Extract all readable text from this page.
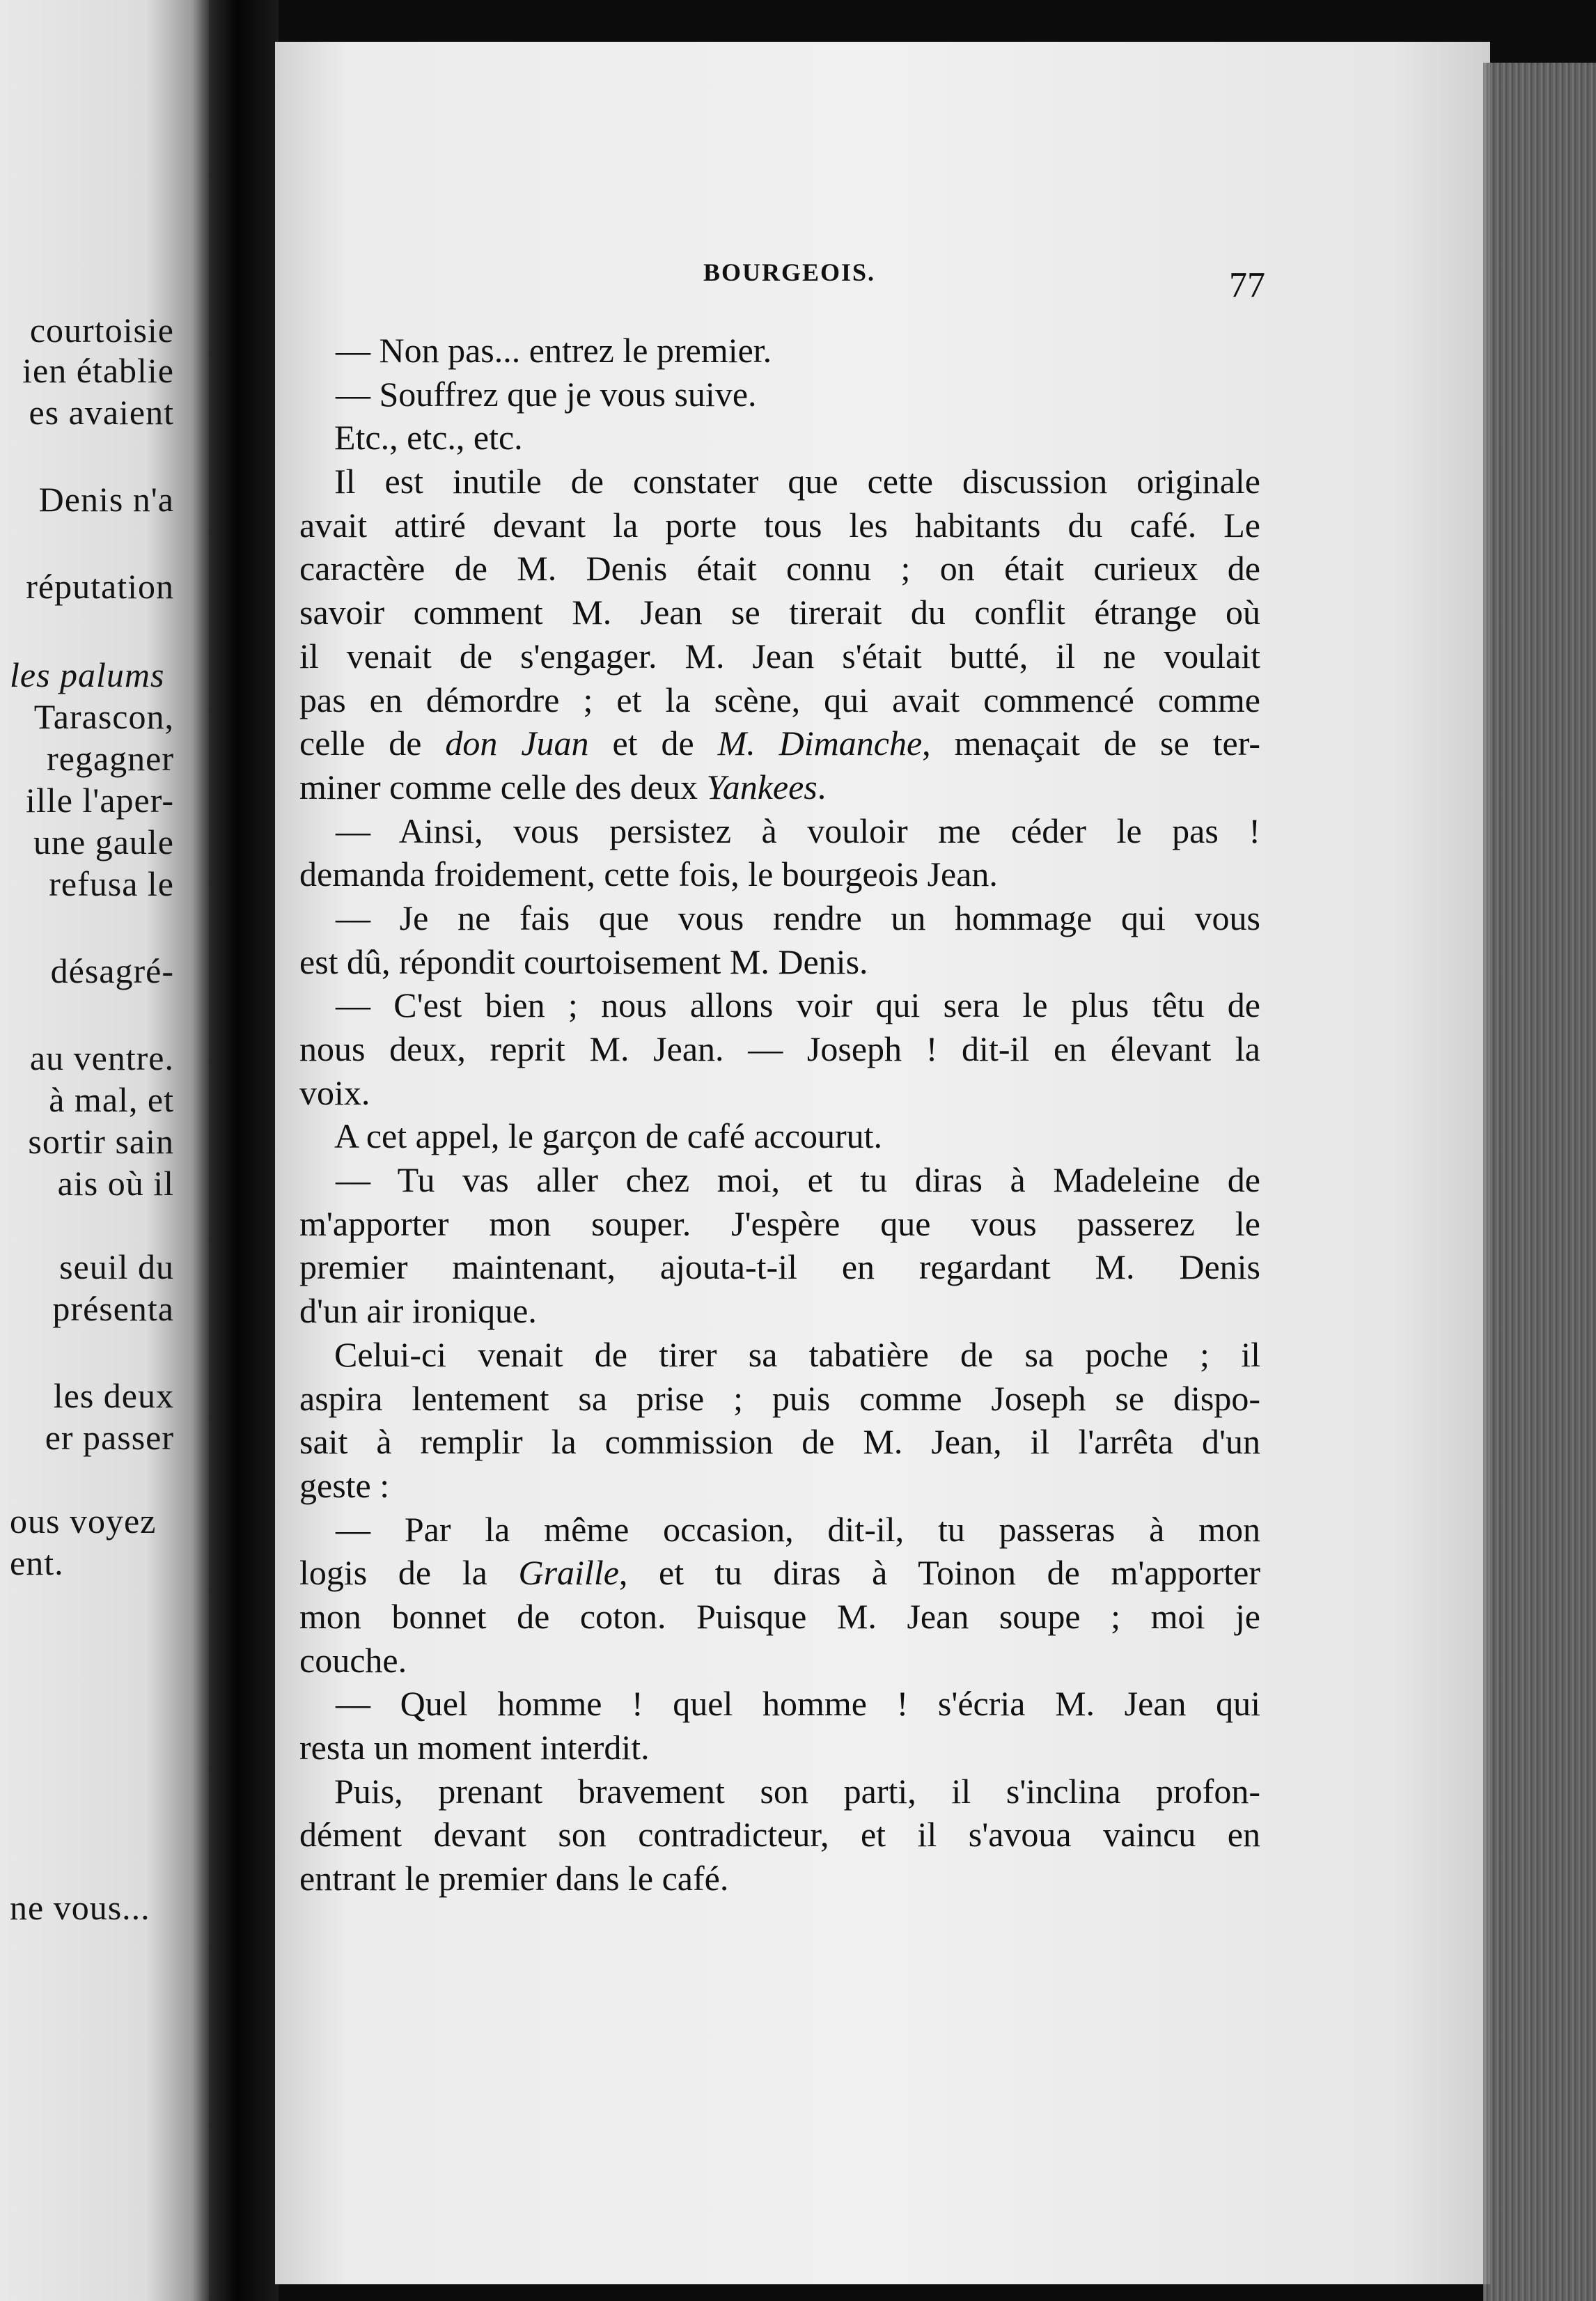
courtoisie
ien établie
es avaient
Denis n'a
réputation
les palums
Tarascon,
regagner
ille l'aper-
une gaule
refusa le
désagré-
au ventre.
à mal, et
sortir sain
ais où il
seuil du
présenta
les deux
er passer
ous voyez
ent.
ne vous...
BOURGEOIS.	77
— Non pas... entrez le premier.
— Souffrez que je vous suive.
Etc., etc., etc.
Il est inutile de constater que cette discussion originale
avait attiré devant la porte tous les habitants du café. Le
caractère de M. Denis était connu ; on était curieux de
savoir comment M. Jean se tirerait du conflit étrange où
il venait de s'engager. M. Jean s'était butté, il ne voulait
pas en démordre ; et la scène, qui avait commencé comme
celle de don Juan et de M. Dimanche, menaçait de se ter-
miner comme celle des deux Yankees.
— Ainsi, vous persistez à vouloir me céder le pas !
demanda froidement, cette fois, le bourgeois Jean.
— Je ne fais que vous rendre un hommage qui vous
est dû, répondit courtoisement M. Denis.
— C'est bien ; nous allons voir qui sera le plus têtu de
nous deux, reprit M. Jean. — Joseph ! dit-il en élevant la
voix.
A cet appel, le garçon de café accourut.
— Tu vas aller chez moi, et tu diras à Madeleine de
m'apporter mon souper. J'espère que vous passerez le
premier maintenant, ajouta-t-il en regardant M. Denis
d'un air ironique.
Celui-ci venait de tirer sa tabatière de sa poche ; il
aspira lentement sa prise ; puis comme Joseph se dispo-
sait à remplir la commission de M. Jean, il l'arrêta d'un
geste :
— Par la même occasion, dit-il, tu passeras à mon
logis de la Graille, et tu diras à Toinon de m'apporter
mon bonnet de coton. Puisque M. Jean soupe ; moi je
couche.
— Quel homme ! quel homme ! s'écria M. Jean qui
resta un moment interdit.
Puis, prenant bravement son parti, il s'inclina profon-
dément devant son contradicteur, et il s'avoua vaincu en
entrant le premier dans le café.
